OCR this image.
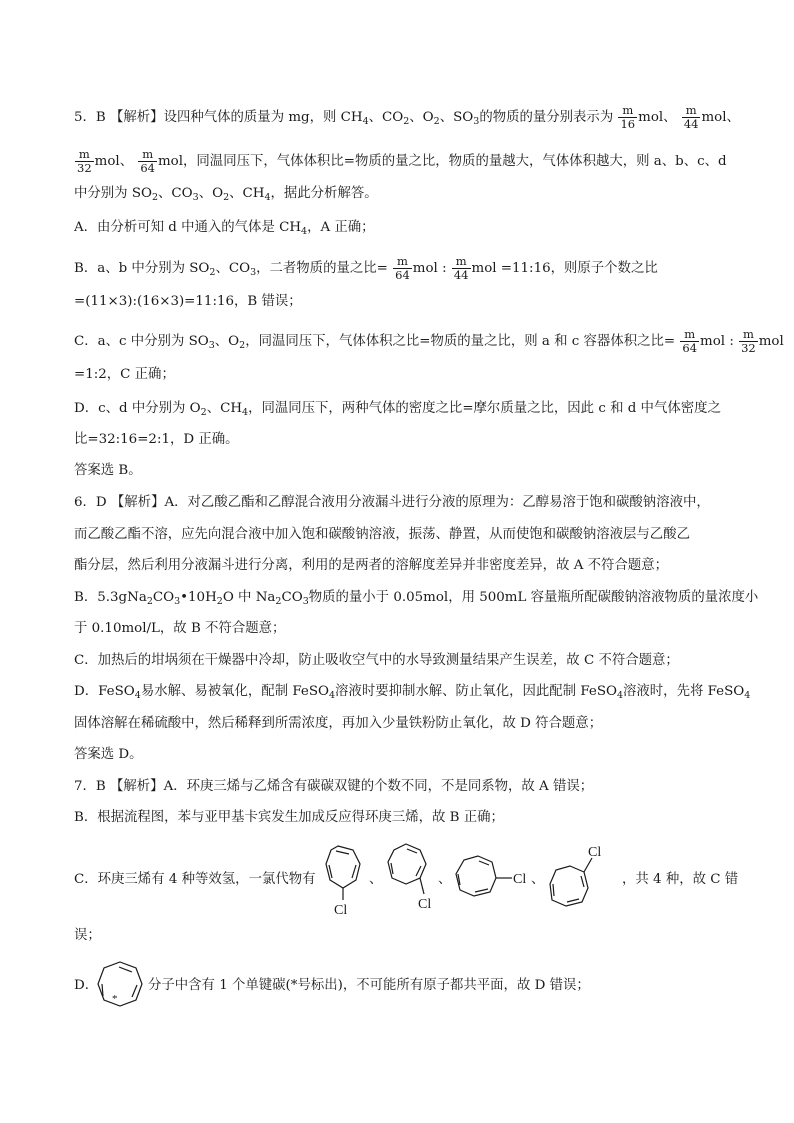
5．B 【解析】设四种气体的质量为 mg，则 $CH_4$、$CO_2$、$O_2$、$SO_3$的物质的量分别表示为 $\frac{m}{16}$ mol、 $\frac{m}{44}$ mol、
$\frac{m}{32}$ mol、 $\frac{m}{64}$ mol，同温同压下，气体体积比=物质的量之比，物质的量越大，气体体积越大，则 a、b、c、d
中分别为 $SO_2$、$CO_3$、$O_2$、$CH_4$，据此分析解答。
A．由分析可知 d 中通入的气体是 $CH_4$，A 正确；
B．a、b 中分别为 $SO_2$、$CO_3$，二者物质的量之比= $\frac{m}{64}$ mol : $\frac{m}{44}$ mol =11:16，则原子个数之比
=(11×3):(16×3)=11:16，B 错误；
C．a、c 中分别为 $SO_3$、$O_2$，同温同压下，气体体积之比=物质的量之比，则 a 和 c 容器体积之比= $\frac{m}{64}$ mol : $\frac{m}{32}$ mol
=1:2，C 正确；
D．c、d 中分别为 $O_2$、$CH_4$，同温同压下，两种气体的密度之比=摩尔质量之比，因此 c 和 d 中气体密度之
比=32:16=2:1，D 正确。
答案选 B。
6．D 【解析】A．对乙酸乙酯和乙醇混合液用分液漏斗进行分液的原理为：乙醇易溶于饱和碳酸钠溶液中，
而乙酸乙酯不溶，应先向混合液中加入饱和碳酸钠溶液，振荡、静置，从而使饱和碳酸钠溶液层与乙酸乙
酯分层，然后利用分液漏斗进行分离，利用的是两者的溶解度差异并非密度差异，故 A 不符合题意；
B．$5.3gNa_2CO_3•10H_2O$ 中 $Na_2CO_3$物质的量小于 0.05mol，用 500mL 容量瓶所配碳酸钠溶液物质的量浓度小
于 0.10mol/L，故 B 不符合题意；
C．加热后的坩埚须在干燥器中冷却，防止吸收空气中的水导致测量结果产生误差，故 C 不符合题意；
D．FeSO$_4$易水解、易被氧化，配制 FeSO$_4$溶液时要抑制水解、防止氧化，因此配制 FeSO$_4$溶液时，先将 FeSO$_4$
固体溶解在稀硫酸中，然后稀释到所需浓度，再加入少量铁粉防止氧化，故 D 符合题意；
答案选 D。
7．B 【解析】A．环庚三烯与乙烯含有碳碳双键的个数不同，不是同系物，故 A 错误；
B．根据流程图，苯与亚甲基卡宾发生加成反应得环庚三烯，故 B 正确；
C．环庚三烯有 4 种等效氢，一氯代物有	、	、	、	，共 4 种，故 C 错
误；
Cl	Cl
Cl
Cl
D．
*
分子中含有 1 个单键碳(*号标出)，不可能所有原子都共平面，故 D 错误；
